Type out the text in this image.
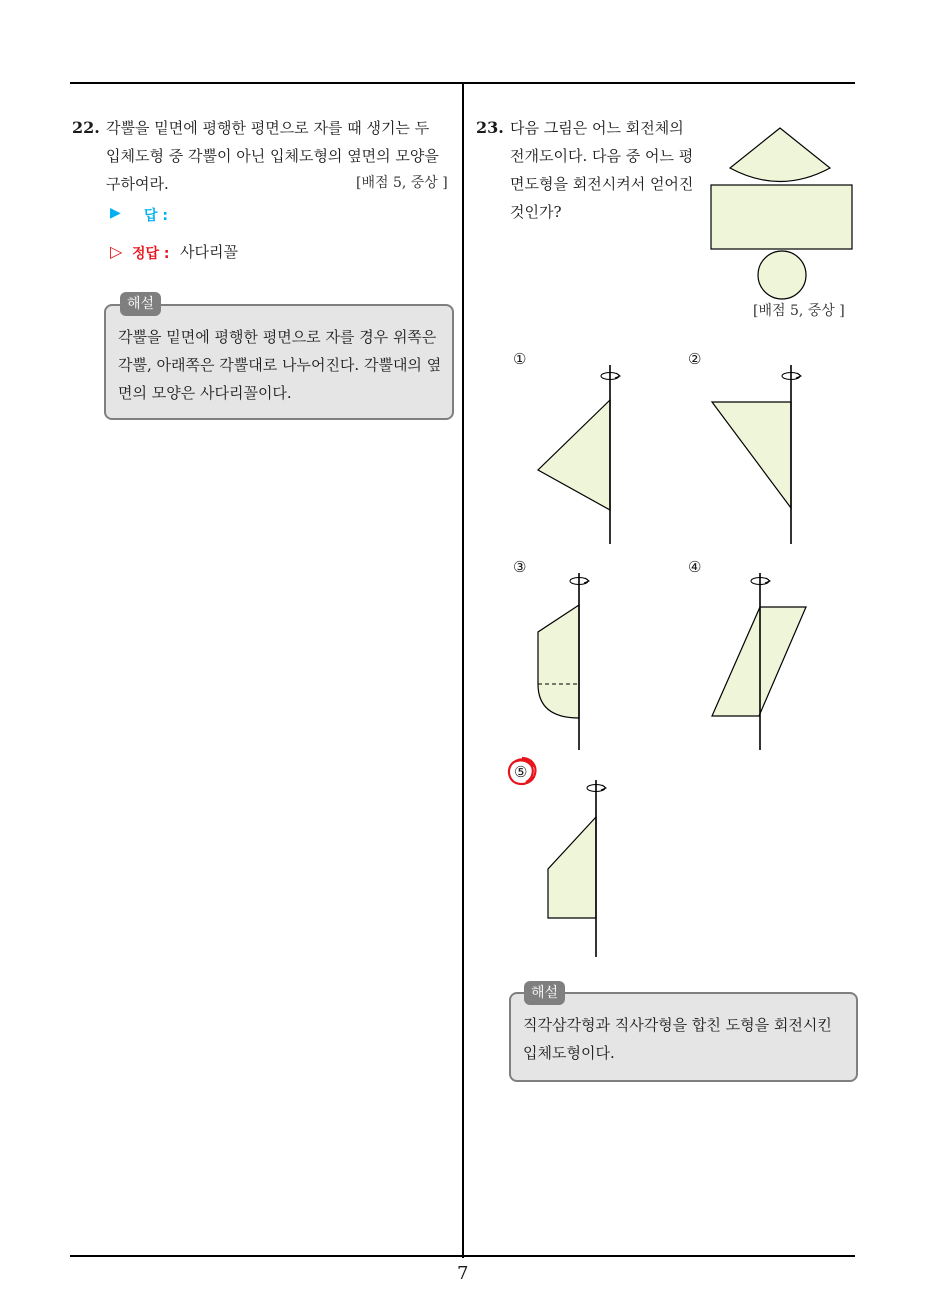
22. 각뿔을 밑면에 평행한 평면으로 자를 때 생기는 두
입체도형 중 각뿔이 아닌 입체도형의 옆면의 모양을
구하여라.	[배점 5, 중상 ]
▶ 답 :
▷ 정답 : 사다리꼴
해설
각뿔을 밑면에 평행한 평면으로 자를 경우 위쪽은
각뿔, 아래쪽은 각뿔대로 나누어진다. 각뿔대의 옆
면의 모양은 사다리꼴이다.
23. 다음 그림은 어느 회전체의
전개도이다. 다음 중 어느 평
면도형을 회전시켜서 얻어진
것인가?
[배점 5, 중상 ]
①	②
③	④
⑤
해설
직각삼각형과 직사각형을 합친 도형을 회전시킨
입체도형이다.
7
